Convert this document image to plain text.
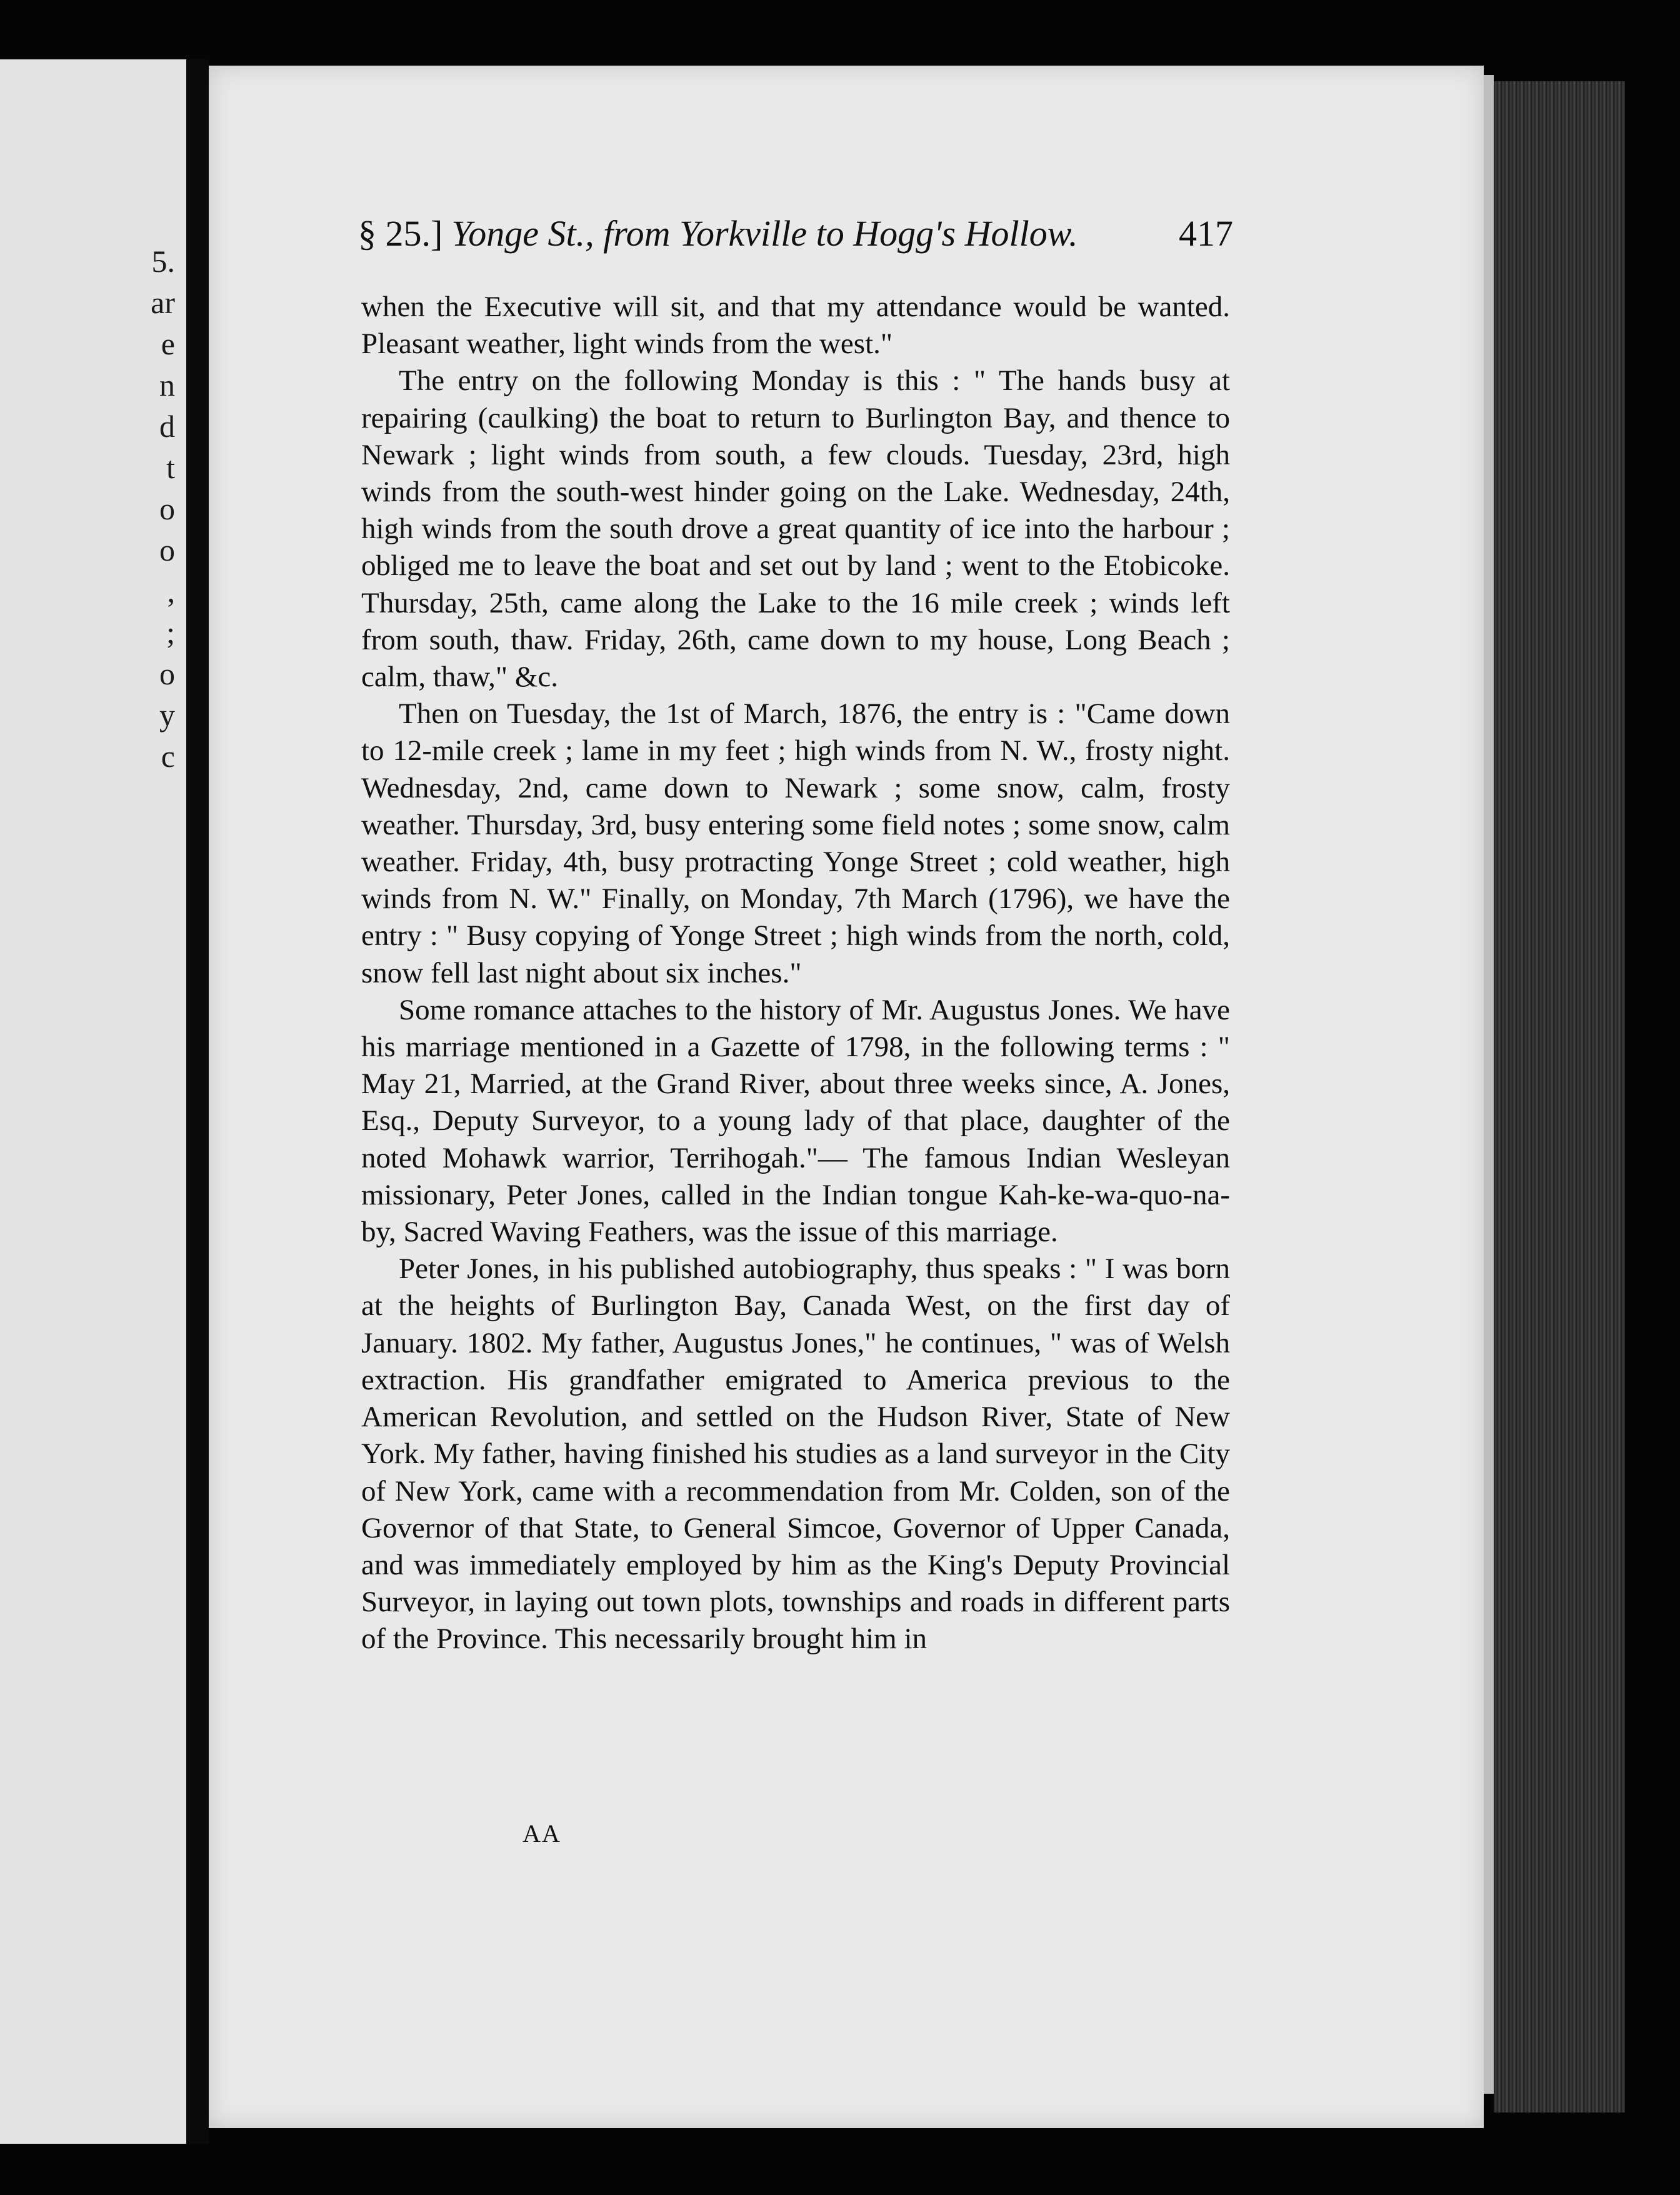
5.
ar
e
n
d
t
o
o
,
;
o
y
c
§ 25.] Yonge St., from Yorkville to Hogg's Hollow.	417

when the Executive will sit, and that my attendance would be wanted. Pleasant weather, light winds from the west."

The entry on the following Monday is this : " The hands busy at repairing (caulking) the boat to return to Burlington Bay, and thence to Newark ; light winds from south, a few clouds. Tuesday, 23rd, high winds from the south-west hinder going on the Lake. Wednesday, 24th, high winds from the south drove a great quantity of ice into the harbour ; obliged me to leave the boat and set out by land ; went to the Etobicoke. Thursday, 25th, came along the Lake to the 16 mile creek ; winds left from south, thaw. Friday, 26th, came down to my house, Long Beach ; calm, thaw," &c.

Then on Tuesday, the 1st of March, 1876, the entry is : "Came down to 12-mile creek ; lame in my feet ; high winds from N. W., frosty night. Wednesday, 2nd, came down to Newark ; some snow, calm, frosty weather. Thursday, 3rd, busy entering some field notes ; some snow, calm weather. Friday, 4th, busy protracting Yonge Street ; cold weather, high winds from N. W." Finally, on Monday, 7th March (1796), we have the entry : " Busy copying of Yonge Street ; high winds from the north, cold, snow fell last night about six inches."

Some romance attaches to the history of Mr. Augustus Jones. We have his marriage mentioned in a Gazette of 1798, in the following terms : " May 21, Married, at the Grand River, about three weeks since, A. Jones, Esq., Deputy Surveyor, to a young lady of that place, daughter of the noted Mohawk warrior, Terrihogah."— The famous Indian Wesleyan missionary, Peter Jones, called in the Indian tongue Kah-ke-wa-quo-na-by, Sacred Waving Feathers, was the issue of this marriage.

Peter Jones, in his published autobiography, thus speaks : " I was born at the heights of Burlington Bay, Canada West, on the first day of January. 1802. My father, Augustus Jones," he continues, " was of Welsh extraction. His grandfather emigrated to America previous to the American Revolution, and settled on the Hudson River, State of New York. My father, having finished his studies as a land surveyor in the City of New York, came with a recommendation from Mr. Colden, son of the Governor of that State, to General Simcoe, Governor of Upper Canada, and was immediately employed by him as the King's Deputy Provincial Surveyor, in laying out town plots, townships and roads in different parts of the Province. This necessarily brought him in

AA
